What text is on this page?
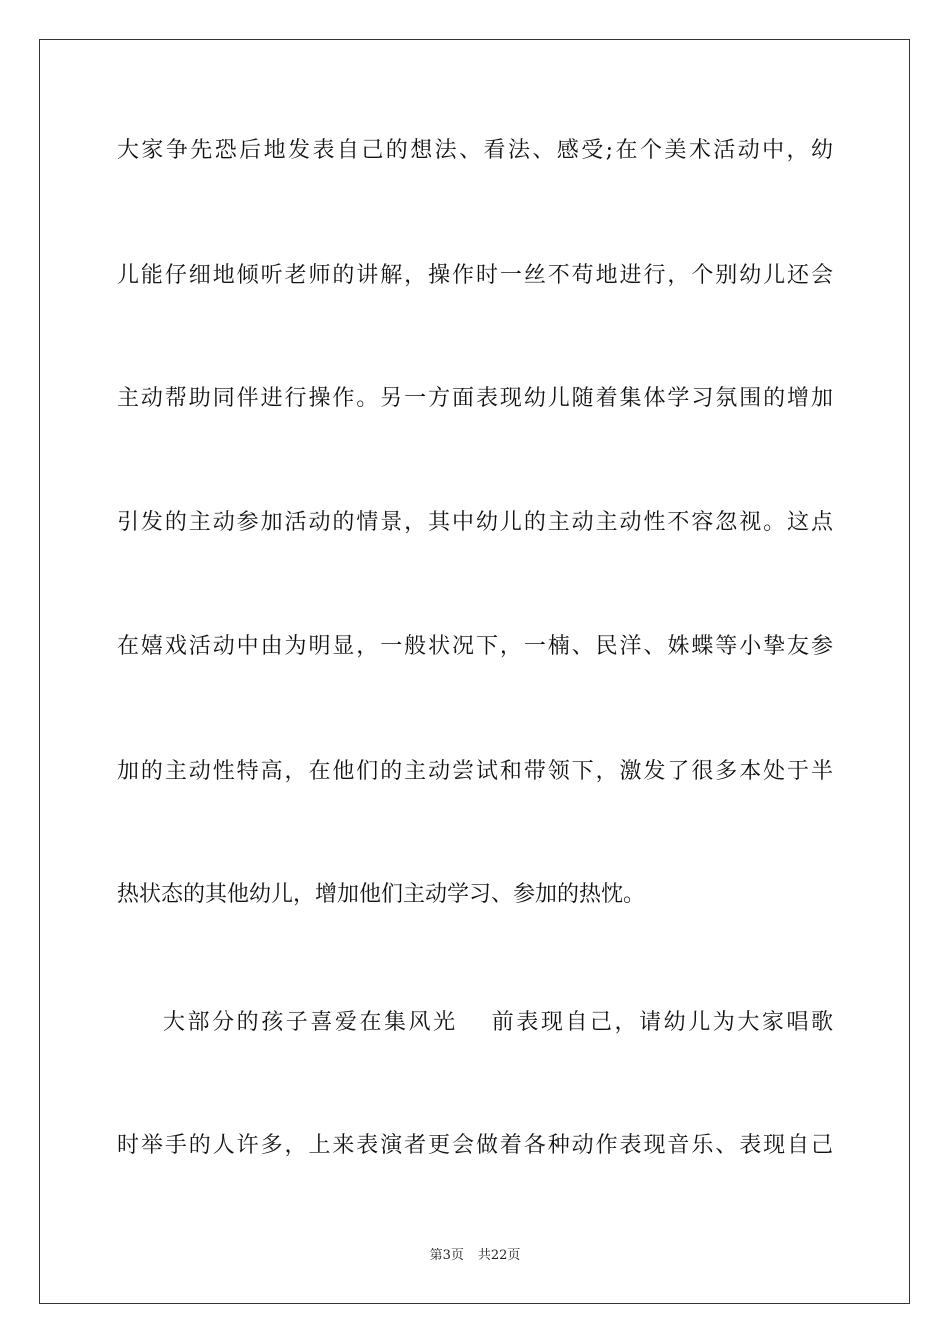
大家争先恐后地发表自己的想法、看法、感受;在个美术活动中，幼
儿能仔细地倾听老师的讲解，操作时一丝不苟地进行，个别幼儿还会
主动帮助同伴进行操作。另一方面表现幼儿随着集体学习氛围的增加
引发的主动参加活动的情景，其中幼儿的主动主动性不容忽视。这点
在嬉戏活动中由为明显，一般状况下，一楠、民洋、姝蝶等小挚友参
加的主动性特高，在他们的主动尝试和带领下，激发了很多本处于半
热状态的其他幼儿，增加他们主动学习、参加的热忱。
大部分的孩子喜爱在集风光　 前表现自己，请幼儿为大家唱歌
时举手的人许多，上来表演者更会做着各种动作表现音乐、表现自己
第3页 共22页
